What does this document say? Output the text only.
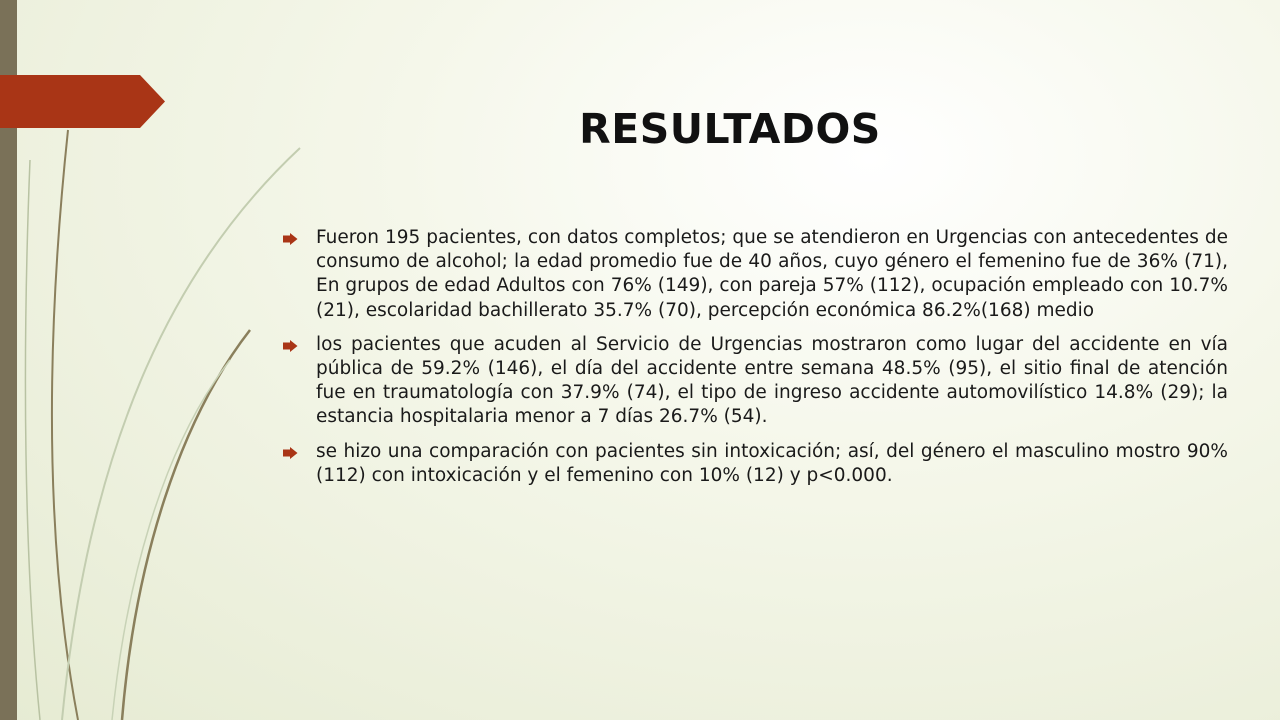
RESULTADOS
Fueron 195 pacientes, con datos completos; que se atendieron en Urgencias con antecedentes de consumo de alcohol; la edad promedio fue de 40 años, cuyo género el femenino fue de 36% (71), En grupos de edad Adultos con 76% (149), con pareja 57% (112), ocupación empleado con 10.7% (21), escolaridad bachillerato 35.7% (70), percepción económica 86.2%(168) medio
los pacientes que acuden al Servicio de Urgencias mostraron como lugar del accidente en vía pública de 59.2% (146), el día del accidente entre semana 48.5% (95), el sitio final de atención fue en traumatología con 37.9% (74), el tipo de ingreso accidente automovilístico 14.8% (29); la estancia hospitalaria menor a 7 días 26.7% (54).
se hizo una comparación con pacientes sin intoxicación; así, del género el masculino mostro 90% (112) con intoxicación y el femenino con 10% (12) y p<0.000.
